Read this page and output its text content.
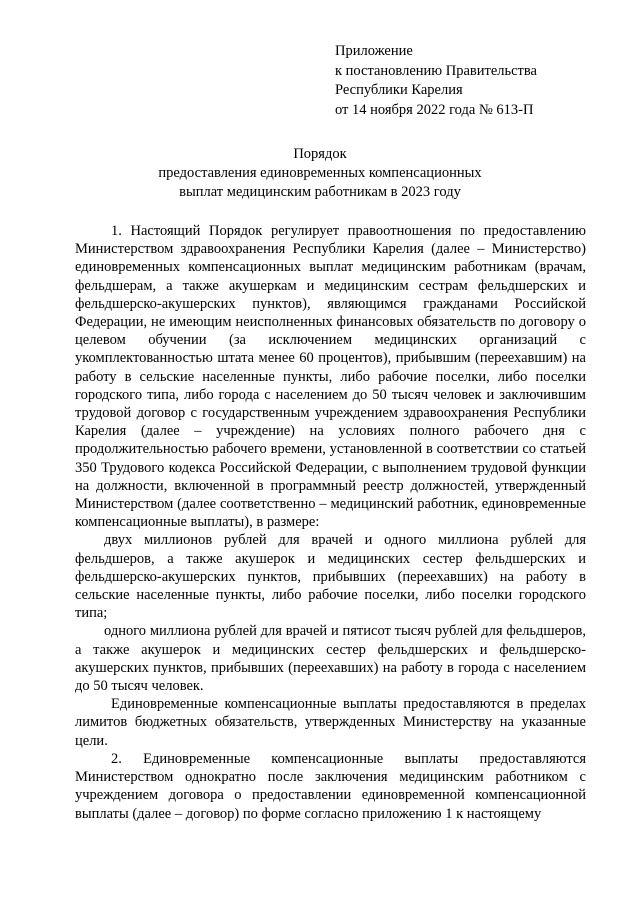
Приложение
к постановлению Правительства
Республики Карелия
от 14 ноября 2022 года № 613-П
Порядок
предоставления единовременных компенсационных
выплат медицинским работникам в 2023 году

1. Настоящий Порядок регулирует правоотношения по предоставлению Министерством здравоохранения Республики Карелия (далее – Министерство) единовременных компенсационных выплат медицинским работникам (врачам, фельдшерам, а также акушеркам и медицинским сестрам фельдшерских и фельдшерско-акушерских пунктов), являющимся гражданами Российской Федерации, не имеющим неисполненных финансовых обязательств по договору о целевом обучении (за исключением медицинских организаций с укомплектованностью штата менее 60 процентов), прибывшим (переехавшим) на работу в сельские населенные пункты, либо рабочие поселки, либо поселки городского типа, либо города с населением до 50 тысяч человек и заключившим трудовой договор с государственным учреждением здравоохранения Республики Карелия (далее – учреждение) на условиях полного рабочего дня с продолжительностью рабочего времени, установленной в соответствии со статьей 350 Трудового кодекса Российской Федерации, с выполнением трудовой функции на должности, включенной в программный реестр должностей, утвержденный Министерством (далее соответственно – медицинский работник, единовременные компенсационные выплаты), в размере:

двух миллионов рублей для врачей и одного миллиона рублей для фельдшеров, а также акушерок и медицинских сестер фельдшерских и фельдшерско-акушерских пунктов, прибывших (переехавших) на работу в сельские населенные пункты, либо рабочие поселки, либо поселки городского типа;

одного миллиона рублей для врачей и пятисот тысяч рублей для фельдшеров, а также акушерок и медицинских сестер фельдшерских и фельдшерско-акушерских пунктов, прибывших (переехавших) на работу в города с населением до 50 тысяч человек.

Единовременные компенсационные выплаты предоставляются в пределах лимитов бюджетных обязательств, утвержденных Министерству на указанные цели.

2. Единовременные компенсационные выплаты предоставляются Министерством однократно после заключения медицинским работником с учреждением договора о предоставлении единовременной компенсационной выплаты (далее – договор) по форме согласно приложению 1 к настоящему
